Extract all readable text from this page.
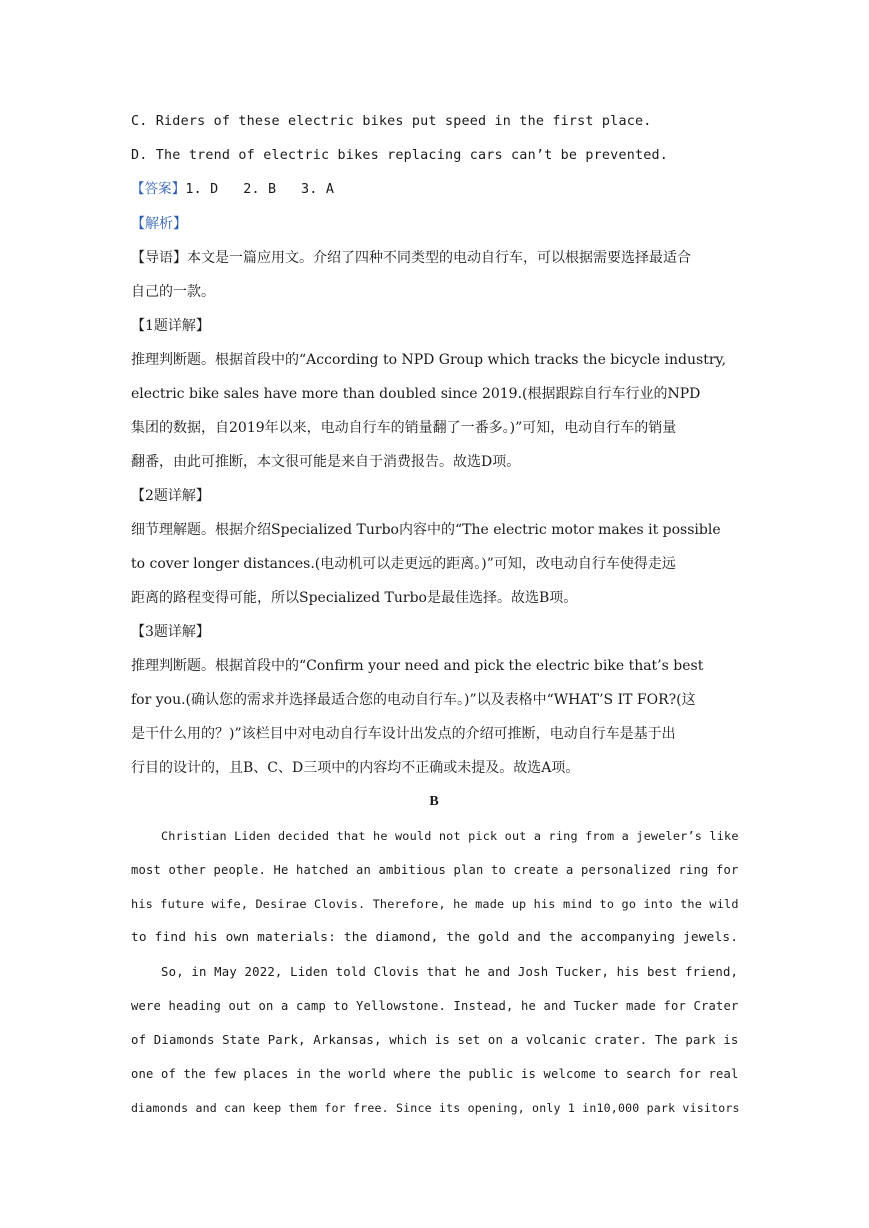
C. Riders of these electric bikes put speed in the first place.
D. The trend of electric bikes replacing cars can’t be prevented.
【答案】1. D   2. B   3. A
【解析】
【导语】本文是一篇应用文。介绍了四种不同类型的电动自行车，可以根据需要选择最适合
自己的一款。
【1题详解】
推理判断题。根据首段中的“According to NPD Group which tracks the bicycle industry,
electric bike sales have more than doubled since 2019.(根据跟踪自行车行业的NPD
集团的数据，自2019年以来，电动自行车的销量翻了一番多。)”可知，电动自行车的销量
翻番，由此可推断，本文很可能是来自于消费报告。故选D项。
【2题详解】
细节理解题。根据介绍Specialized Turbo内容中的“The electric motor makes it possible
to cover longer distances.(电动机可以走更远的距离。)”可知，改电动自行车使得走远
距离的路程变得可能，所以Specialized Turbo是最佳选择。故选B项。
【3题详解】
推理判断题。根据首段中的“Confirm your need and pick the electric bike that’s best
for you.(确认您的需求并选择最适合您的电动自行车。)”以及表格中“WHAT’S IT FOR?(这
是干什么用的？)”该栏目中对电动自行车设计出发点的介绍可推断，电动自行车是基于出
行目的设计的，且B、C、D三项中的内容均不正确或未提及。故选A项。
B
Christian Liden decided that he would not pick out a ring from a jeweler’s like
most other people. He hatched an ambitious plan to create a personalized ring for
his future wife, Desirae Clovis. Therefore, he made up his mind to go into the wild
to find his own materials: the diamond, the gold and the accompanying jewels.
So, in May 2022, Liden told Clovis that he and Josh Tucker, his best friend,
were heading out on a camp to Yellowstone. Instead, he and Tucker made for Crater
of Diamonds State Park, Arkansas, which is set on a volcanic crater. The park is
one of the few places in the world where the public is welcome to search for real
diamonds and can keep them for free. Since its opening, only 1 in10,000 park visitors
